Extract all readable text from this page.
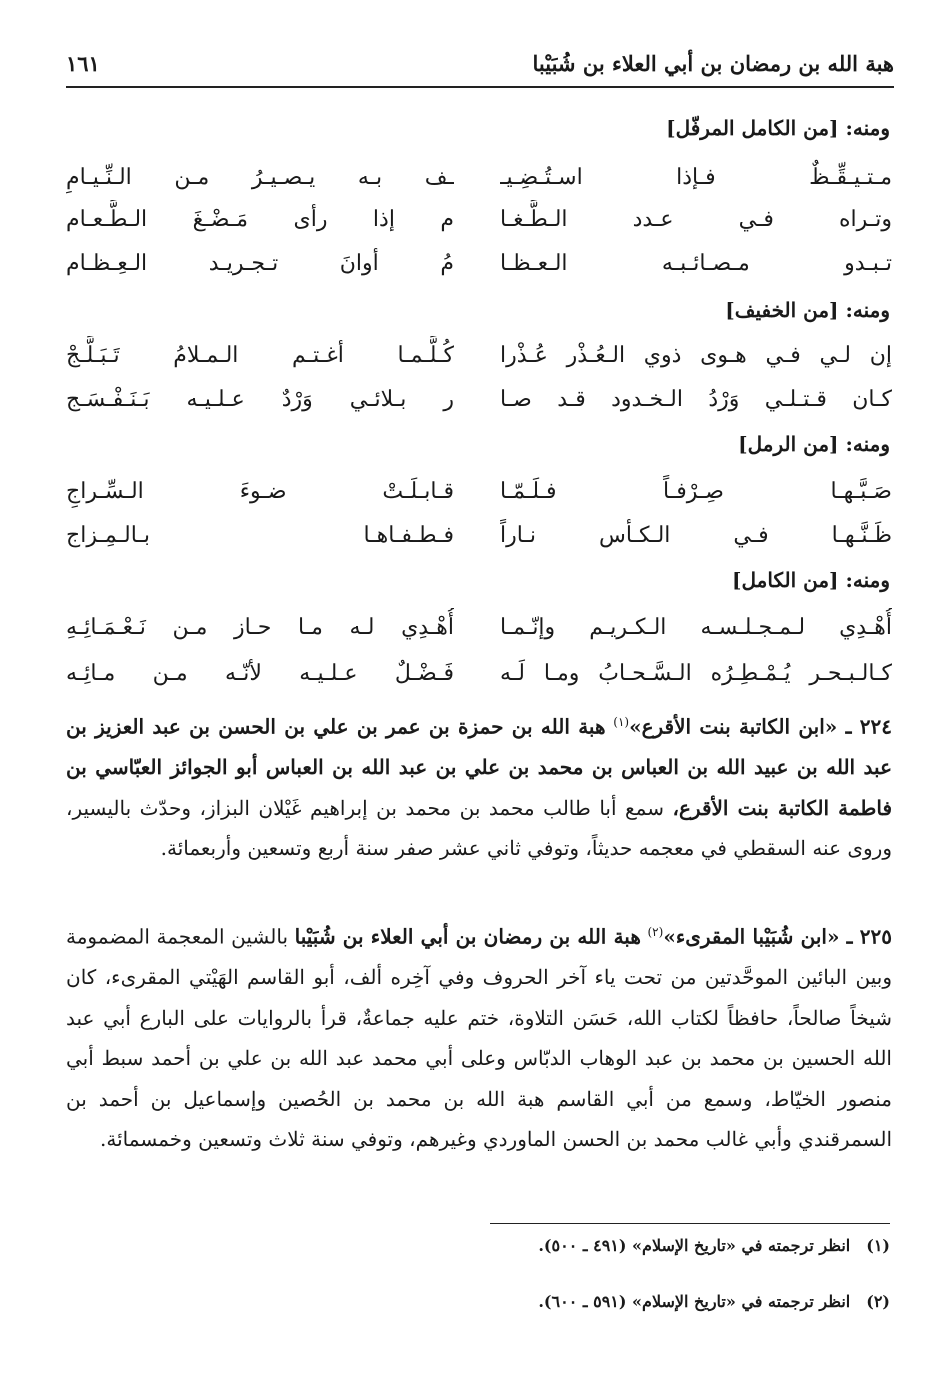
هبة الله بن رمضان بن أبي العلاء بن شُبَيْبا
١٦١
ومنه: [من الكامل المرفّل]
مـتـيـقِّـظٌ فـإذا اسـتُـضِـيـ
ـف بـه يـصـيـرُ مـن الـنِّـيـامِ
وتـراه فـي عـدد الـطَّـغـا
م إذا رأى مَـضْـغَ الـطَّـعـام
تـبـدو مـصـائـبـه الـعـظـا
مُ أوانَ تـجـريـد الـعِـظـام
ومنه: [من الخفيف]
إن لـي فـي هـوى ذوي الـعُـذْر عُـذْرا
كُـلَّـمـا أغـتـم الـمـلامُ تَـبَـلَّـجْ
كـان قـتـلـي وَرْدُ الـخـدود قـد صـا
ر بـلائـي وَرْدٌ عـلـيـه بَـنَـفْـسَـج
ومنه: [من الرمل]
صَـبَّـهـا صِـرْفـاً فـلَـمّـا
قـابـلَـتْ ضـوءَ الـسِّـراجِ
ظَـنَّـهـا فـي الـكـأس نـاراً
فـطـفـاهـا بـالـمِـزاج
ومنه: [من الكامل]
أُهْـدِي لـمـجـلـسـه الـكـريـم وإنّـمـا
أُهْـدِي لـه مـا حـاز مـن نَـعْـمَـائِـهِ
كـالـبـحـر يُـمْـطِـرُه الـسَّـحـابُ ومـا لَـه
فَـضْـلٌ عـلـيـه لأنّـه مـن مـائِـه
٢٢٤ ـ «ابن الكاتبة بنت الأقرع»$^{(١)}$ هبة الله بن حمزة بن عمر بن علي بن الحسن بن عبد العزيز بن عبد الله بن عبيد الله بن العباس بن محمد بن علي بن عبد الله بن العباس أبو الجوائز العبّاسي بن فاطمة الكاتبة بنت الأقرع، سمع أبا طالب محمد بن محمد بن إبراهيم غَيْلان البزاز، وحدّث باليسير، وروى عنه السقطي في معجمه حديثاً، وتوفي ثاني عشر صفر سنة أربع وتسعين وأربعمائة.
٢٢٥ ـ «ابن شُبَيْبا المقرىء»$^{(٢)}$ هبة الله بن رمضان بن أبي العلاء بن شُبَيْبا بالشين المعجمة المضمومة وبين البائين الموحَّدتين من تحت ياء آخر الحروف وفي آخِره ألف، أبو القاسم الهَيْتي المقرىء، كان شيخاً صالحاً، حافظاً لكتاب الله، حَسَن التلاوة، ختم عليه جماعةٌ، قرأ بالروايات على البارع أبي عبد الله الحسين بن محمد بن عبد الوهاب الدبّاس وعلى أبي محمد عبد الله بن علي بن أحمد سبط أبي منصور الخيّاط، وسمع من أبي القاسم هبة الله بن محمد بن الحُصين وإسماعيل بن أحمد بن السمرقندي وأبي غالب محمد بن الحسن الماوردي وغيرهم، وتوفي سنة ثلاث وتسعين وخمسمائة.
(١)انظر ترجمته في «تاريخ الإسلام» (٤٩١ ـ ٥٠٠).
(٢)انظر ترجمته في «تاريخ الإسلام» (٥٩١ ـ ٦٠٠).
